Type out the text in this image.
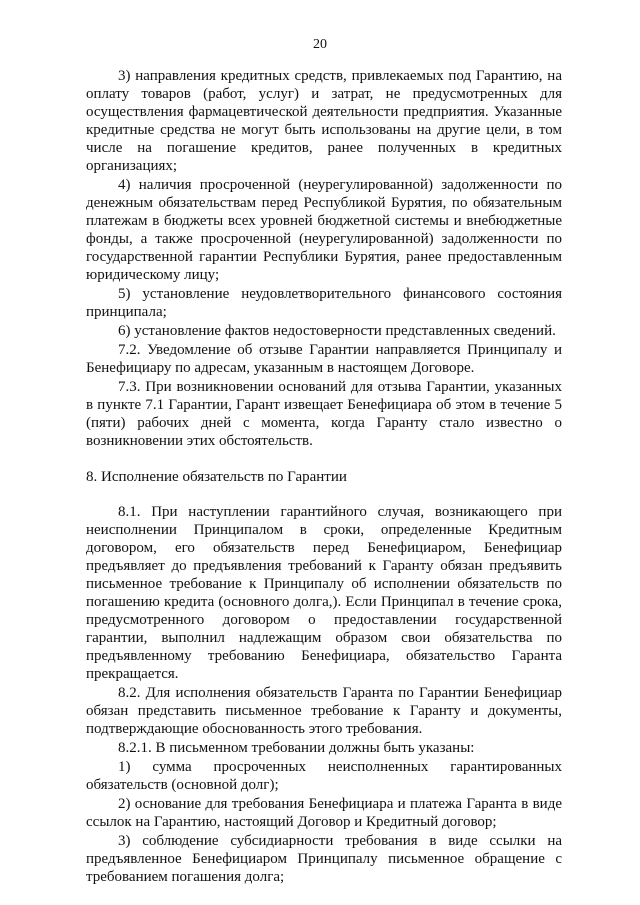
20

3) направления кредитных средств, привлекаемых под Гарантию, на оплату товаров (работ, услуг) и затрат, не предусмотренных для осуществления фармацевтической деятельности предприятия. Указанные кредитные средства не могут быть использованы на другие цели, в том числе на погашение кредитов, ранее полученных в кредитных организациях;

4) наличия просроченной (неурегулированной) задолженности по денежным обязательствам перед Республикой Бурятия, по обязательным платежам в бюджеты всех уровней бюджетной системы и внебюджетные фонды, а также просроченной (неурегулированной) задолженности по государственной гарантии Республики Бурятия, ранее предоставленным юридическому лицу;

5) установление неудовлетворительного финансового состояния принципала;

6) установление фактов недостоверности представленных сведений.

7.2. Уведомление об отзыве Гарантии направляется Принципалу и Бенефициару по адресам, указанным в настоящем Договоре.

7.3. При возникновении оснований для отзыва Гарантии, указанных в пункте 7.1 Гарантии, Гарант извещает Бенефициара об этом в течение 5 (пяти) рабочих дней с момента, когда Гаранту стало известно о возникновении этих обстоятельств.

8. Исполнение обязательств по Гарантии

8.1. При наступлении гарантийного случая, возникающего при неисполнении Принципалом в сроки, определенные Кредитным договором, его обязательств перед Бенефициаром, Бенефициар предъявляет до предъявления требований к Гаранту обязан предъявить письменное требование к Принципалу об исполнении обязательств по погашению кредита (основного долга,). Если Принципал в течение срока, предусмотренного договором о предоставлении государственной гарантии, выполнил надлежащим образом свои обязательства по предъявленному требованию Бенефициара, обязательство Гаранта прекращается.

8.2. Для исполнения обязательств Гаранта по Гарантии Бенефициар обязан представить письменное требование к Гаранту и документы, подтверждающие обоснованность этого требования.

8.2.1. В письменном требовании должны быть указаны:

1) сумма просроченных неисполненных гарантированных обязательств (основной долг);

2) основание для требования Бенефициара и платежа Гаранта в виде ссылок на Гарантию, настоящий Договор и Кредитный договор;

3) соблюдение субсидиарности требования в виде ссылки на предъявленное Бенефициаром Принципалу письменное обращение с требованием погашения долга;
